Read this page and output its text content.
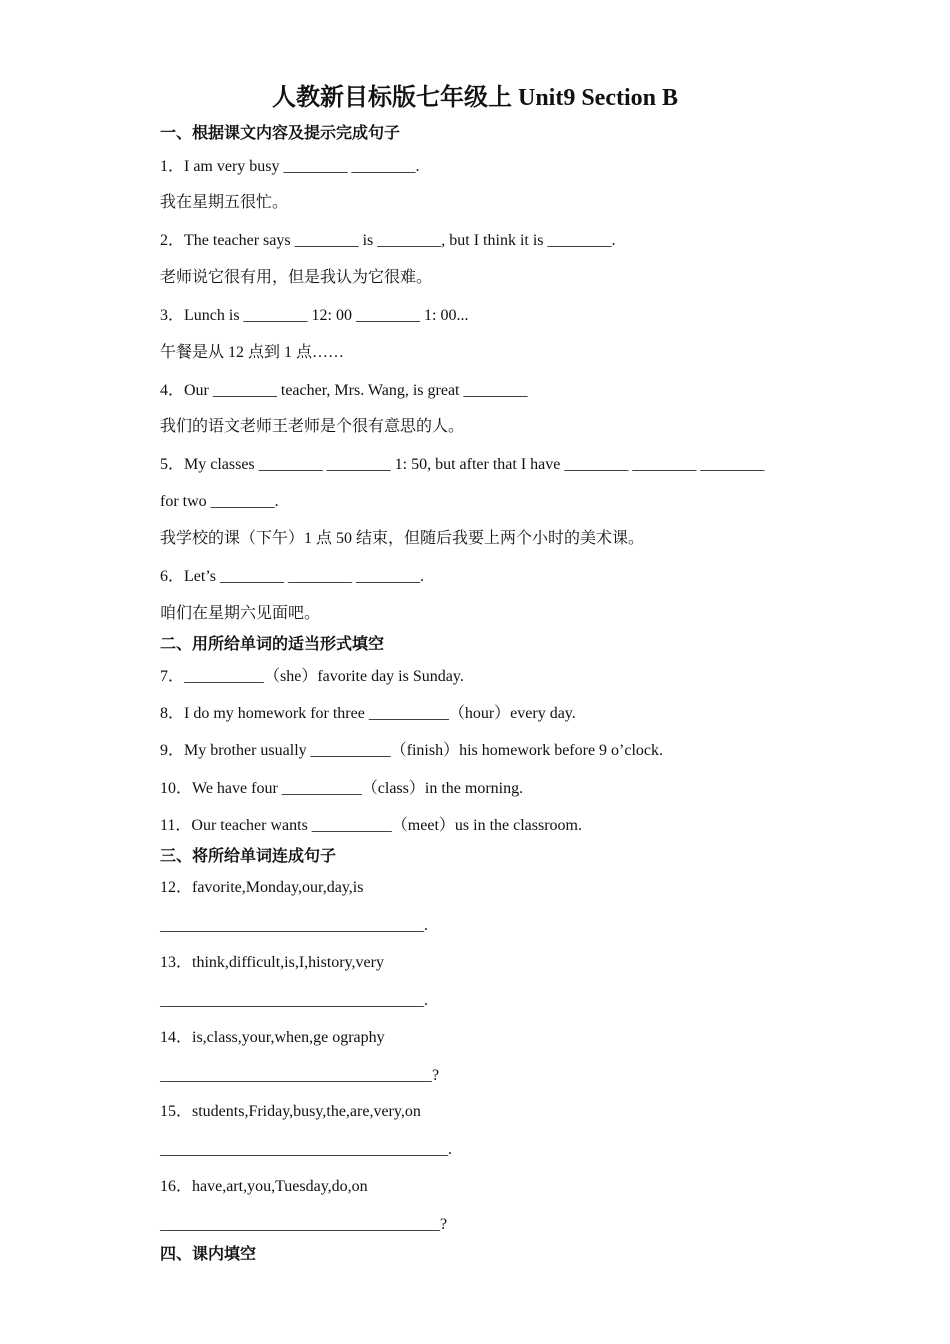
人教新目标版七年级上 Unit9 Section B
一、根据课文内容及提示完成句子
1．I am very busy ________ ________.
我在星期五很忙。
2．The teacher says ________ is ________, but I think it is ________.
老师说它很有用，但是我认为它很难。
3．Lunch is ________ 12: 00 ________ 1: 00...
午餐是从 12 点到 1 点……
4．Our ________ teacher, Mrs. Wang, is great ________
我们的语文老师王老师是个很有意思的人。
5．My classes ________ ________ 1: 50, but after that I have ________ ________ ________
for two ________.
我学校的课（下午）1 点 50 结束，但随后我要上两个小时的美术课。
6．Let’s ________ ________ ________.
咱们在星期六见面吧。
二、用所给单词的适当形式填空
7．__________（she）favorite day is Sunday.
8．I do my homework for three __________（hour）every day.
9．My brother usually __________（finish）his homework before 9 o’clock.
10．We have four __________（class）in the morning.
11．Our teacher wants __________（meet）us in the classroom.
三、将所给单词连成句子
12．favorite,Monday,our,day,is
_________________________________.
13．think,difficult,is,I,history,very
_________________________________.
14．is,class,your,when,ge ography
__________________________________?
15．students,Friday,busy,the,are,very,on
____________________________________.
16．have,art,you,Tuesday,do,on
___________________________________?
四、课内填空
